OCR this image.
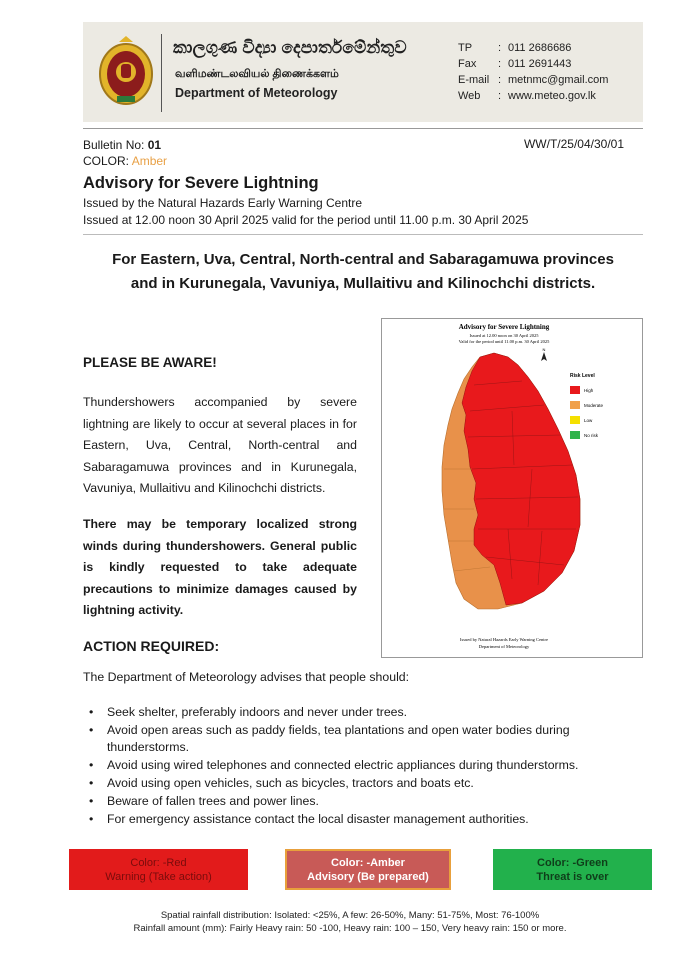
කාලගුණ විද්‍යා දෙපාර්තමේන්තුව
வளிமண்டலவியல் திணைக்களம்
Department of Meteorology
TP	: 011 2686686
Fax	: 011 2691443
E-mail : metnmc@gmail.com
Web	: www.meteo.gov.lk
Bulletin No: 01
COLOR: Amber
WW/T/25/04/30/01
Advisory for Severe Lightning
Issued by the Natural Hazards Early Warning Centre
Issued at 12.00 noon 30 April 2025 valid for the period until 11.00 p.m. 30 April 2025
For Eastern, Uva, Central, North-central and Sabaragamuwa provinces
and in Kurunegala, Vavuniya, Mullaitivu and Kilinochchi districts.
PLEASE BE AWARE!
Thundershowers accompanied by severe lightning are likely to occur at several places in for Eastern, Uva, Central, North-central and Sabaragamuwa provinces and in Kurunegala, Vavuniya, Mullaitivu and Kilinochchi districts.
There may be temporary localized strong winds during thundershowers. General public is kindly requested to take adequate precautions to minimize damages caused by lightning activity.
Advisory for Severe Lightning
Issued at 12.00 noon on 30 April 2025
Valid for the period until 11.00 p.m. 30 April 2025
N
Risk Level
High
Moderate
Low
No risk
Issued by Natural Hazards Early Warning Centre
Department of Meteorology
ACTION REQUIRED:
The Department of Meteorology advises that people should:
• Seek shelter, preferably indoors and never under trees.
• Avoid open areas such as paddy fields, tea plantations and open water bodies during thunderstorms.
• Avoid using wired telephones and connected electric appliances during thunderstorms.
• Avoid using open vehicles, such as bicycles, tractors and boats etc.
• Beware of fallen trees and power lines.
• For emergency assistance contact the local disaster management authorities.
Color: -Red
Warning (Take action)
Color: -Amber
Advisory (Be prepared)
Color: -Green
Threat is over
Spatial rainfall distribution: Isolated: <25%, A few: 26-50%, Many: 51-75%, Most: 76-100%
Rainfall amount (mm): Fairly Heavy rain: 50 -100, Heavy rain: 100 – 150, Very heavy rain: 150 or more.
